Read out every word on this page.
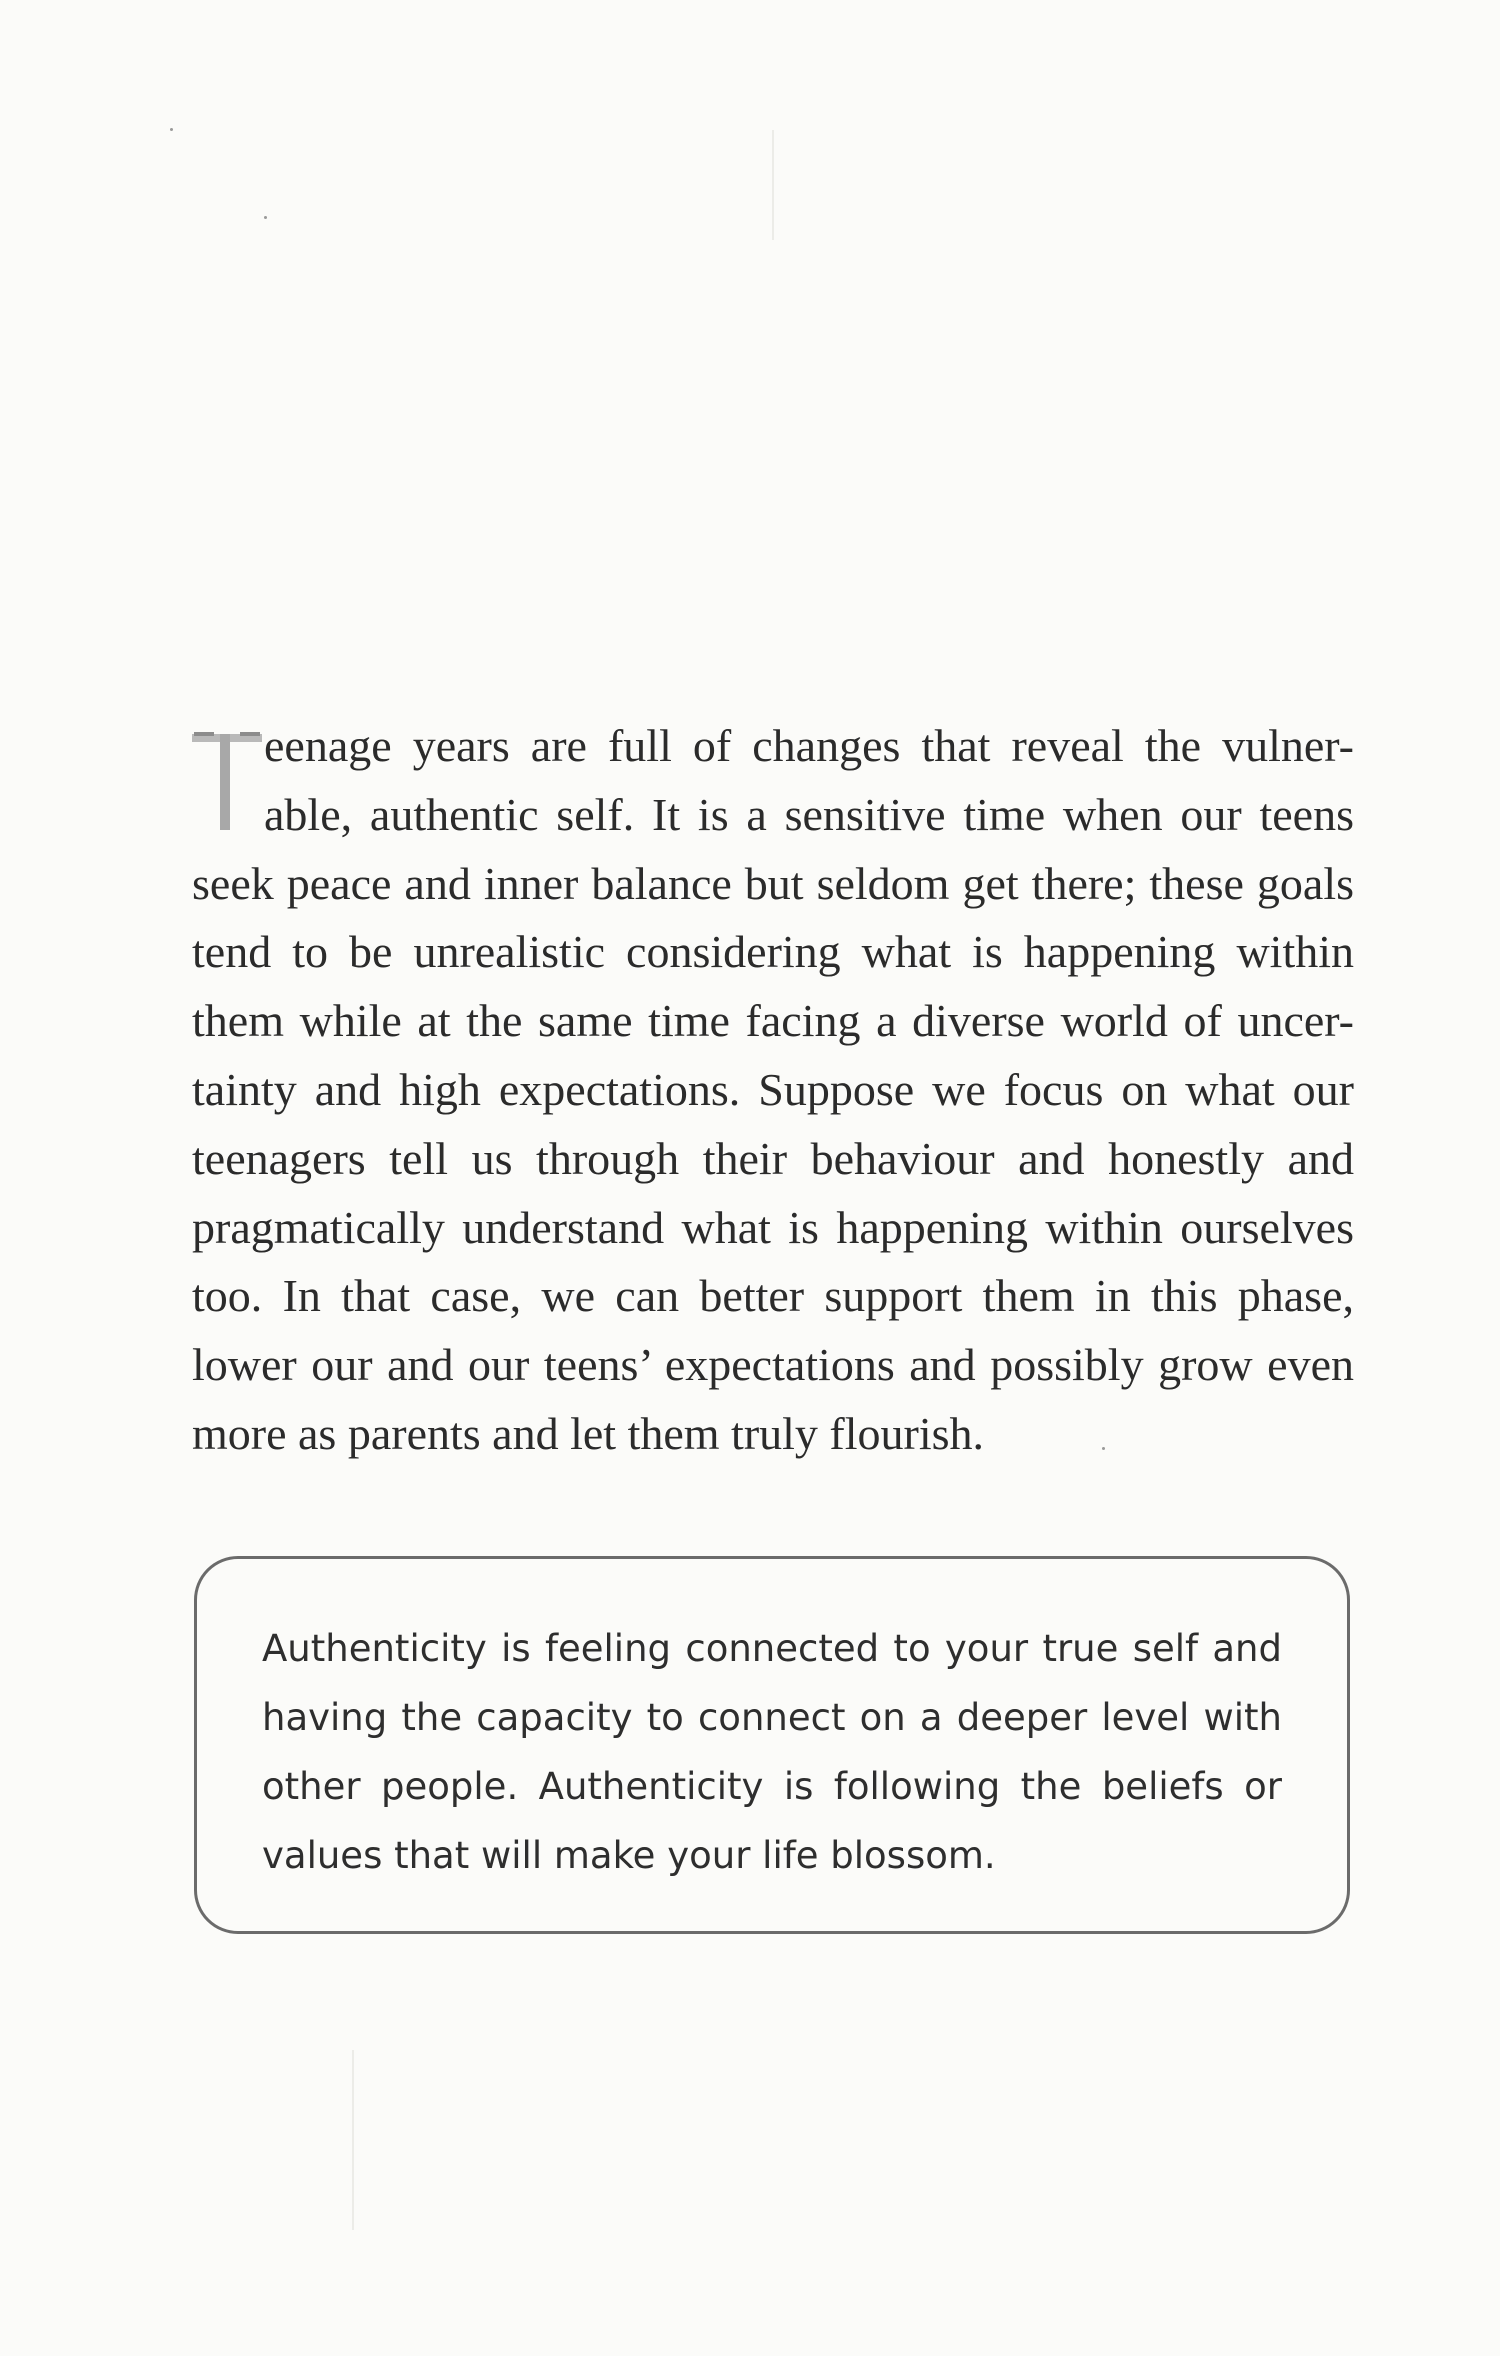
eenage years are full of changes that reveal the vulner-
able, authentic self. It is a sensitive time when our teens
seek peace and inner balance but seldom get there; these goals
tend to be unrealistic considering what is happening within
them while at the same time facing a diverse world of uncer-
tainty and high expectations. Suppose we focus on what our
teenagers tell us through their behaviour and honestly and
pragmatically understand what is happening within ourselves
too. In that case, we can better support them in this phase,
lower our and our teens’ expectations and possibly grow even
more as parents and let them truly flourish.
Authenticity is feeling connected to your true self and
having the capacity to connect on a deeper level with
other people. Authenticity is following the beliefs or
values that will make your life blossom.
